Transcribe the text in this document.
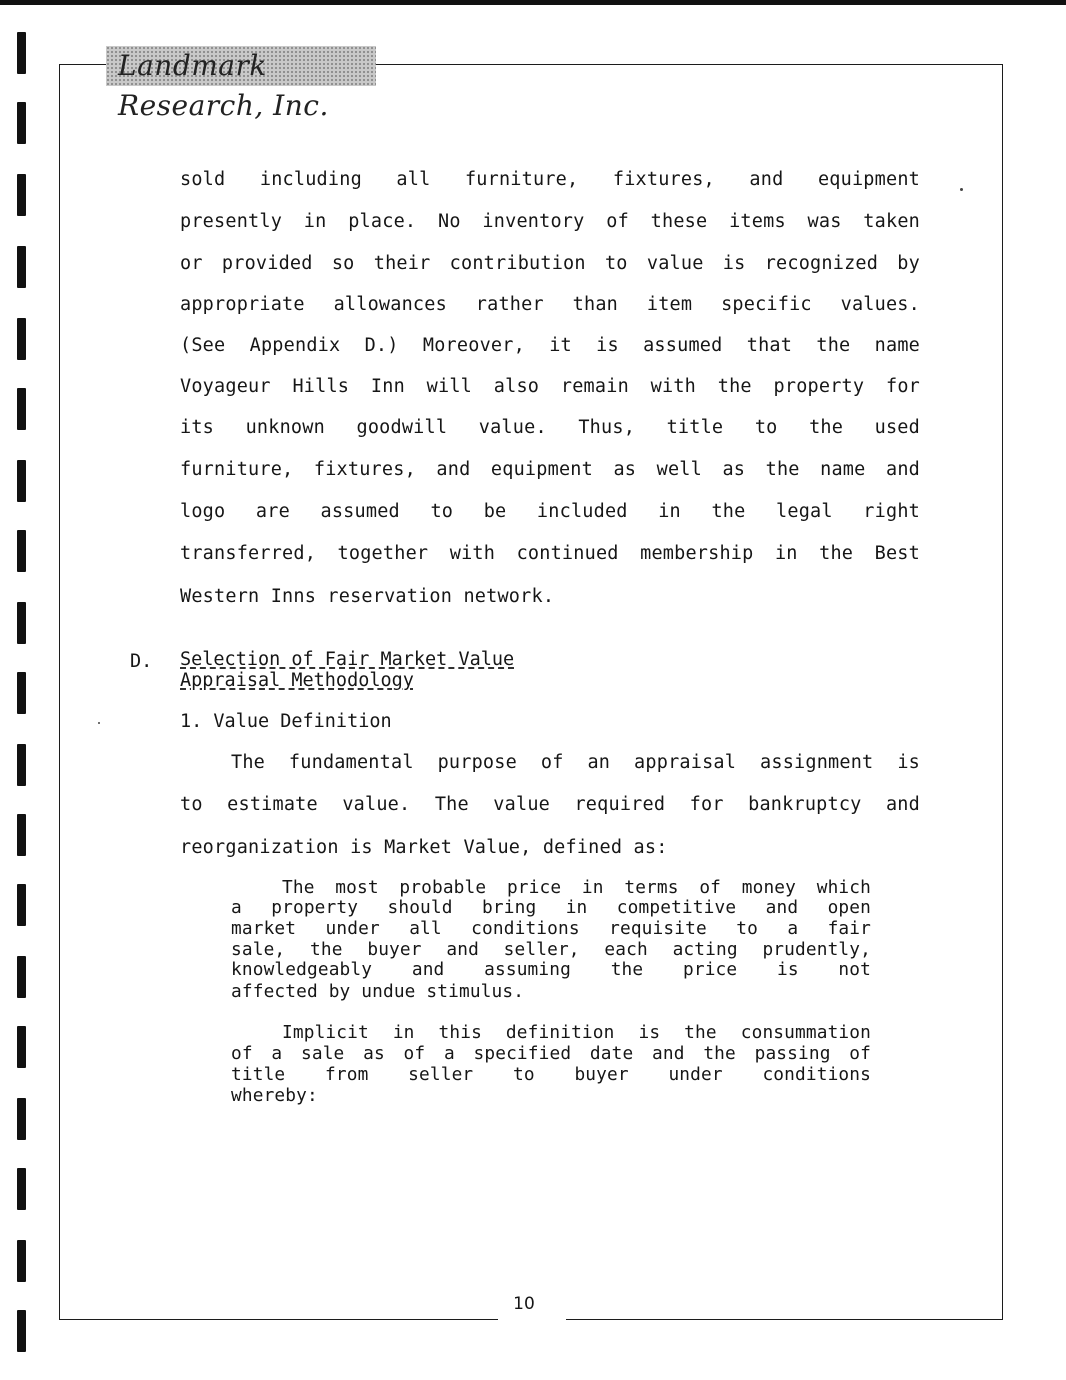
Landmark Research, Inc.
10
sold including all furniture, fixtures, and equipment
presently in place. No inventory of these items was taken
or provided so their contribution to value is recognized by
appropriate allowances rather than item specific values.
(See Appendix D.) Moreover, it is assumed that the name
Voyageur Hills Inn will also remain with the property for
its unknown goodwill value. Thus, title to the used
furniture, fixtures, and equipment as well as the name and
logo are assumed to be included in the legal right
transferred, together with continued membership in the Best
Western Inns reservation network.
D. Selection of Fair Market Value
Appraisal Methodology
1. Value Definition
The fundamental purpose of an appraisal assignment is
to estimate value. The value required for bankruptcy and
reorganization is Market Value, defined as:
The most probable price in terms of money which
a property should bring in competitive and open
market under all conditions requisite to a fair
sale, the buyer and seller, each acting prudently,
knowledgeably and assuming the price is not
affected by undue stimulus.
Implicit in this definition is the consummation
of a sale as of a specified date and the passing of
title from seller to buyer under conditions
whereby:
